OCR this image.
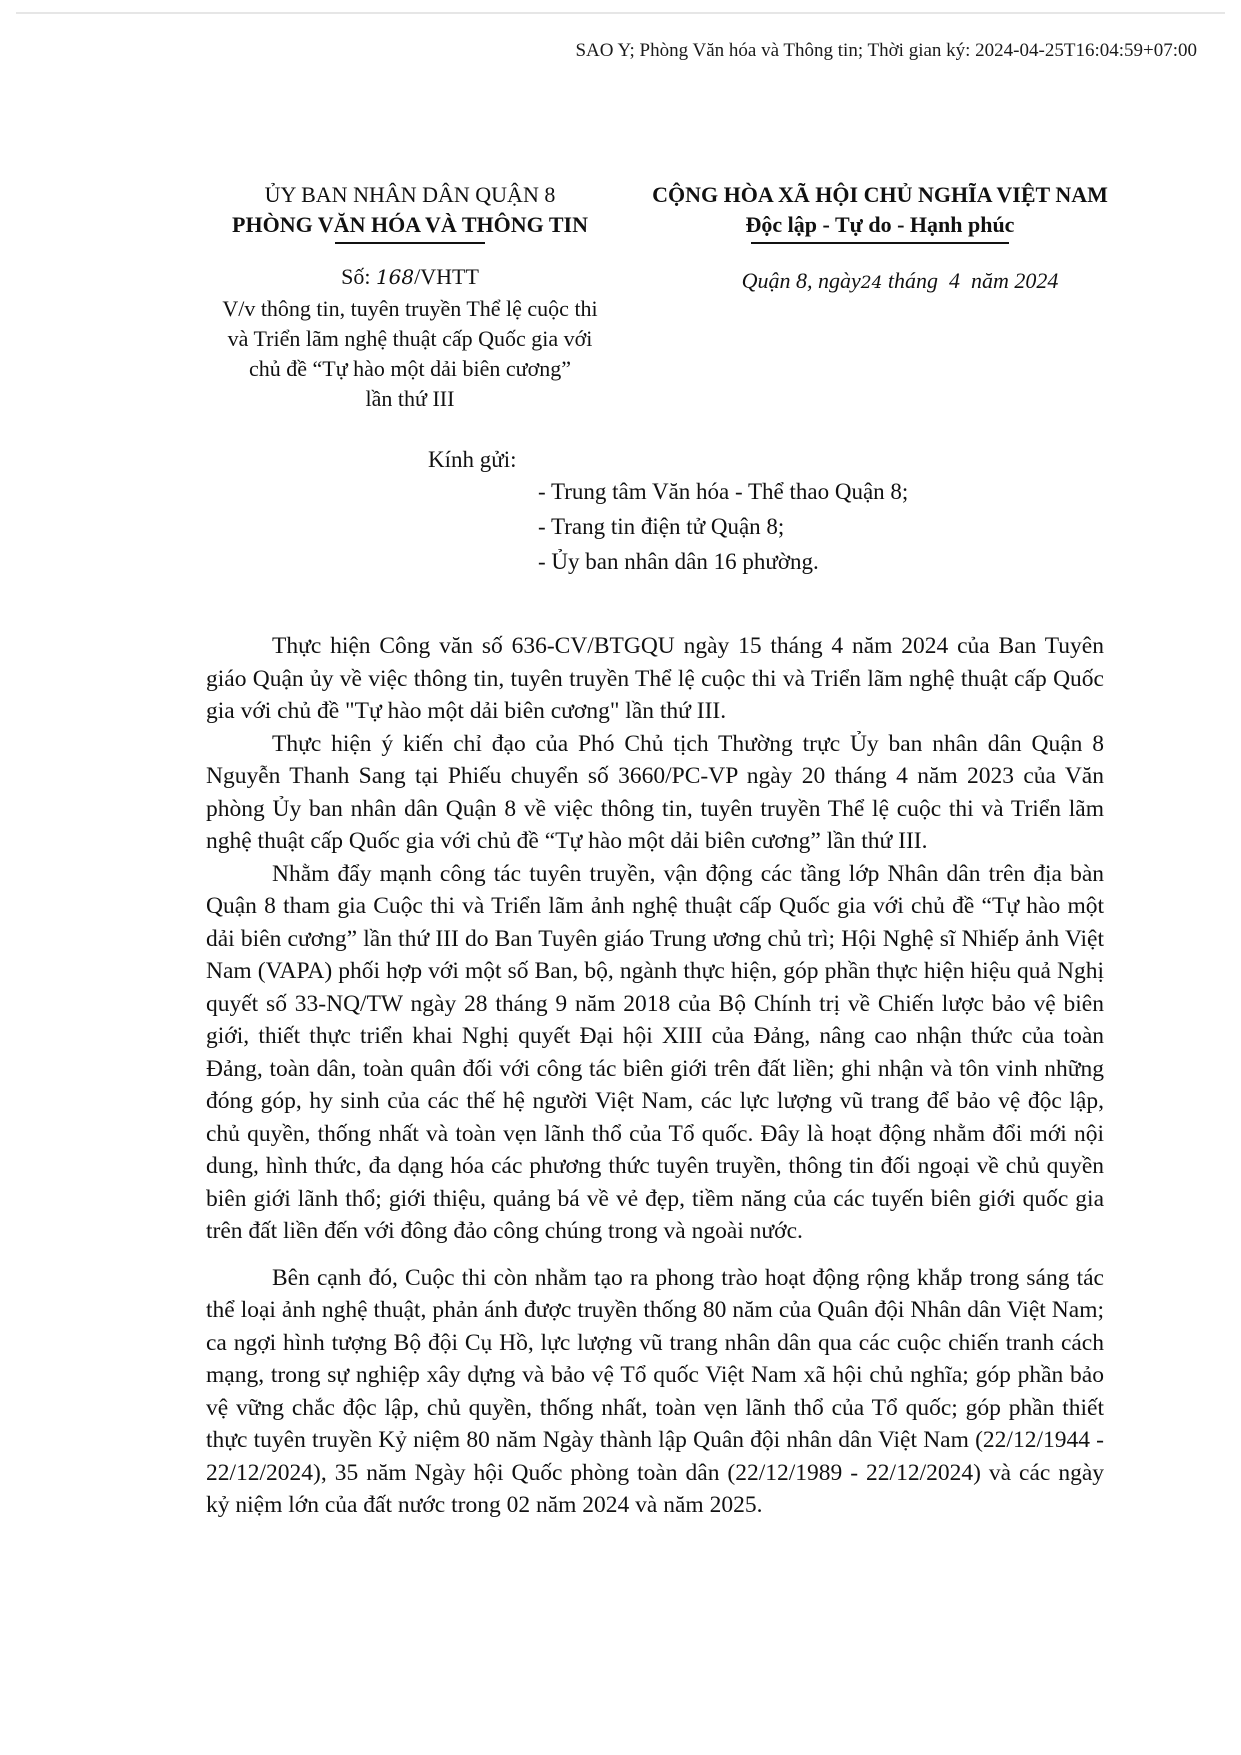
SAO Y; Phòng Văn hóa và Thông tin; Thời gian ký: 2024-04-25T16:04:59+07:00
ỦY BAN NHÂN DÂN QUẬN 8
PHÒNG VĂN HÓA VÀ THÔNG TIN
CỘNG HÒA XÃ HỘI CHỦ NGHĨA VIỆT NAM
Độc lập - Tự do - Hạnh phúc
Số: 168/VHTT
V/v thông tin, tuyên truyền Thể lệ cuộc thi
và Triển lãm nghệ thuật cấp Quốc gia với
chủ đề “Tự hào một dải biên cương”
lần thứ III
Quận 8, ngày24 tháng  4  năm 2024
Kính gửi:
- Trung tâm Văn hóa - Thể thao Quận 8;
- Trang tin điện tử Quận 8;
- Ủy ban nhân dân 16 phường.

Thực hiện Công văn số 636-CV/BTGQU ngày 15 tháng 4 năm 2024 của Ban Tuyên giáo Quận ủy về việc thông tin, tuyên truyền Thể lệ cuộc thi và Triển lãm nghệ thuật cấp Quốc gia với chủ đề "Tự hào một dải biên cương" lần thứ III.

Thực hiện ý kiến chỉ đạo của Phó Chủ tịch Thường trực Ủy ban nhân dân Quận 8 Nguyễn Thanh Sang tại Phiếu chuyển số 3660/PC-VP ngày 20 tháng 4 năm 2023 của Văn phòng Ủy ban nhân dân Quận 8 về việc thông tin, tuyên truyền Thể lệ cuộc thi và Triển lãm nghệ thuật cấp Quốc gia với chủ đề “Tự hào một dải biên cương” lần thứ III.

Nhằm đẩy mạnh công tác tuyên truyền, vận động các tầng lớp Nhân dân trên địa bàn Quận 8 tham gia Cuộc thi và Triển lãm ảnh nghệ thuật cấp Quốc gia với chủ đề “Tự hào một dải biên cương” lần thứ III do Ban Tuyên giáo Trung ương chủ trì; Hội Nghệ sĩ Nhiếp ảnh Việt Nam (VAPA) phối hợp với một số Ban, bộ, ngành thực hiện, góp phần thực hiện hiệu quả Nghị quyết số 33-NQ/TW ngày 28 tháng 9 năm 2018 của Bộ Chính trị về Chiến lược bảo vệ biên giới, thiết thực triển khai Nghị quyết Đại hội XIII của Đảng, nâng cao nhận thức của toàn Đảng, toàn dân, toàn quân đối với công tác biên giới trên đất liền; ghi nhận và tôn vinh những đóng góp, hy sinh của các thế hệ người Việt Nam, các lực lượng vũ trang để bảo vệ độc lập, chủ quyền, thống nhất và toàn vẹn lãnh thổ của Tổ quốc. Đây là hoạt động nhằm đổi mới nội dung, hình thức, đa dạng hóa các phương thức tuyên truyền, thông tin đối ngoại về chủ quyền biên giới lãnh thổ; giới thiệu, quảng bá về vẻ đẹp, tiềm năng của các tuyến biên giới quốc gia trên đất liền đến với đông đảo công chúng trong và ngoài nước.

Bên cạnh đó, Cuộc thi còn nhằm tạo ra phong trào hoạt động rộng khắp trong sáng tác thể loại ảnh nghệ thuật, phản ánh được truyền thống 80 năm của Quân đội Nhân dân Việt Nam; ca ngợi hình tượng Bộ đội Cụ Hồ, lực lượng vũ trang nhân dân qua các cuộc chiến tranh cách mạng, trong sự nghiệp xây dựng và bảo vệ Tổ quốc Việt Nam xã hội chủ nghĩa; góp phần bảo vệ vững chắc độc lập, chủ quyền, thống nhất, toàn vẹn lãnh thổ của Tổ quốc; góp phần thiết thực tuyên truyền Kỷ niệm 80 năm Ngày thành lập Quân đội nhân dân Việt Nam (22/12/1944 - 22/12/2024), 35 năm Ngày hội Quốc phòng toàn dân (22/12/1989 - 22/12/2024) và các ngày kỷ niệm lớn của đất nước trong 02 năm 2024 và năm 2025.
